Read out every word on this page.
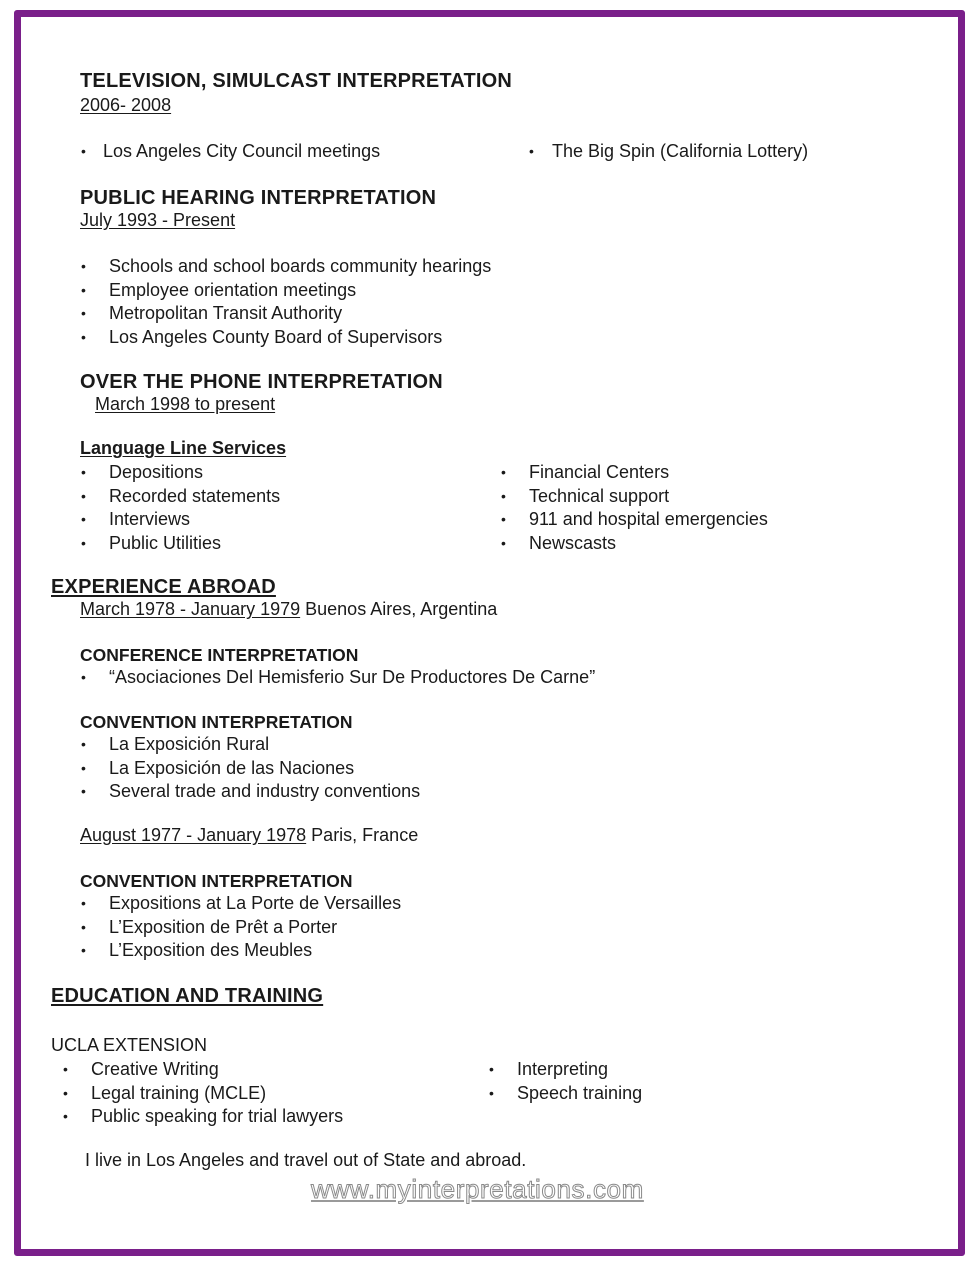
TELEVISION, SIMULCAST INTERPRETATION
2006- 2008
• Los Angeles City Council meetings	• The Big Spin (California Lottery)
PUBLIC HEARING INTERPRETATION
July 1993 - Present
• Schools and school boards community hearings
• Employee orientation meetings
• Metropolitan Transit Authority
• Los Angeles County Board of Supervisors
OVER THE PHONE INTERPRETATION
March 1998 to present
Language Line Services
• Depositions
• Recorded statements
• Interviews
• Public Utilities
• Financial Centers
• Technical support
• 911 and hospital emergencies
• Newscasts
EXPERIENCE ABROAD
March 1978 - January 1979 Buenos Aires, Argentina
CONFERENCE INTERPRETATION
• “Asociaciones Del Hemisferio Sur De Productores De Carne”
CONVENTION INTERPRETATION
• La Exposición Rural
• La Exposición de las Naciones
• Several trade and industry conventions
August 1977 - January 1978 Paris, France
CONVENTION INTERPRETATION
• Expositions at La Porte de Versailles
• L’Exposition de Prêt a Porter
• L’Exposition des Meubles
EDUCATION AND TRAINING
UCLA EXTENSION
• Creative Writing
• Legal training (MCLE)
• Public speaking for trial lawyers
• Interpreting
• Speech training
I live in Los Angeles and travel out of State and abroad.
www.myinterpretations.com
